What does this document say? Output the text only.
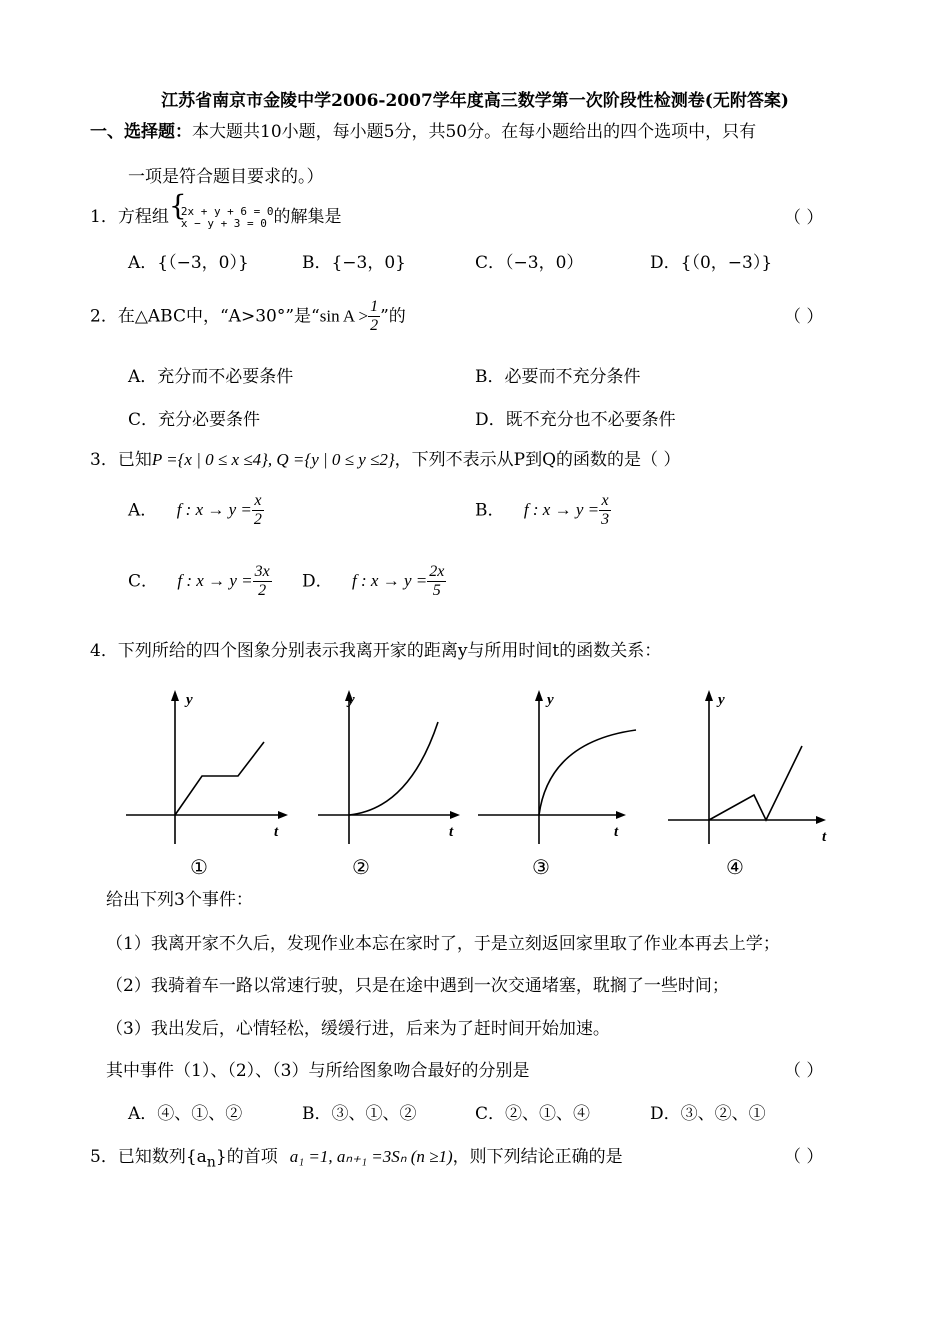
江苏省南京市金陵中学2006-2007学年度高三数学第一次阶段性检测卷(无附答案)
一、选择题：本大题共10小题，每小题5分，共50分。在每小题给出的四个选项中，只有
一项是符合题目要求的。）
1．方程组 {
2x + y + 6 = 0
x − y + 3 = 0 的解集是	（ ）
A．{（−3，0）}	B．{−3，0}	C．（−3，0）	D．{（0，−3）}
2．在△ABC中，“A>30°”是“sin $A > \frac{1}{2}$ ”的	（ ）
A．充分而不必要条件	B．必要而不充分条件
C．充分必要条件	D．既不充分也不必要条件
3．已知P ={x | 0 ≤ x ≤4}, Q ={y | 0 ≤ y ≤2}，下列不表示从P到Q的函数的是（ ）
A． f : $x \to y = \frac{x}{2}$	B． f : $x \to y = \frac{x}{3}$
C． f : $x \to y = \frac{3x}{2}$ D． f : $x \to y = \frac{2x}{5}$
4．下列所给的四个图象分别表示我离开家的距离y与所用时间t的函数关系：
y
t
①
y
t
②
y
t
③
y
t
④
给出下列3个事件：
（1）我离开家不久后，发现作业本忘在家时了，于是立刻返回家里取了作业本再去上学；
（2）我骑着车一路以常速行驶，只是在途中遇到一次交通堵塞，耽搁了一些时间；
（3）我出发后，心情轻松，缓缓行进，后来为了赶时间开始加速。
其中事件（1）、（2）、（3）与所给图象吻合最好的分别是	（ ）
A．④、①、②	B．③、①、②	C．②、①、④	D．③、②、①
5．已知数列$\{a_n\}$的首项 a₁ =1, aₙ₊₁ =3Sₙ (n ≥1)，则下列结论正确的是	（ ）
